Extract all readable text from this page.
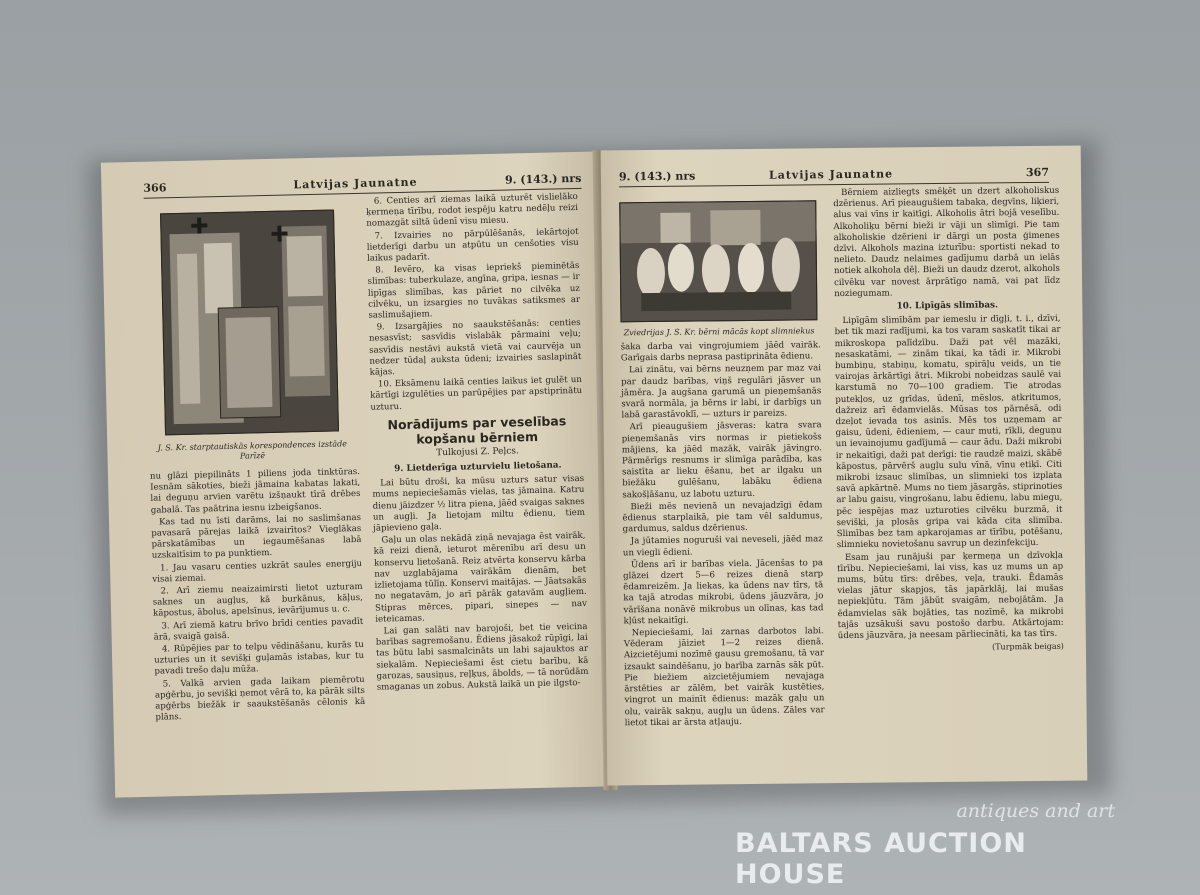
366	Latvijas Jaunatne	9. (143.) nrs
J. S. Kr. starptautiskās korespondences izstāde Parīzē

nu glāzi piepilināts 1 piliens joda tinktūras. Iesnām sākoties, bieži jāmaina kabatas lakati, lai deguņu arvien varētu izšņaukt tīrā drēbes gabalā. Tas paātrina iesnu izbeigšanos.

Kas tad nu īsti darāms, lai no saslimšanas pavasarā pārejas laikā izvairītos? Vieglākas pārskatāmības un iegaumēšanas labā uzskaitīsim to pa punktiem.

1. Jau vasaru centies uzkrāt saules energiju visai ziemai.

2. Arī ziemu neaizaimirsti lietot uzturam saknes un augļus, kā burkānus, kāļus, kāpostus, ābolus, apelsīnus, ievārījumus u. c.

3. Arī ziemā katru brīvo brīdi centies pavadīt ārā, svaigā gaisā.

4. Rūpējies par to telpu vēdināšanu, kurās tu uzturies un it sevišķi guļamās istabas, kur tu pavadi trešo daļu mūža.

5. Valkā arvien gada laikam piemērotu apģērbu, jo sevišķi ņemot vērā to, ka pārāk silts apģērbs biežāk ir saaukstēšanās cēlonis kā plāns.

6. Centies arī ziemas laikā uzturēt vislielāko ķermeņa tīrību, rodot iespēju katru nedēļu reizi nomazgāt siltā ūdenī visu miesu.

7. Izvairies no pārpūlēšanās, iekārtojot lietderīgi darbu un atpūtu un cenšoties visu laikus padarīt.

8. Ievēro, ka visas iepriekš pieminētās slimības: tuberkulaze, angīna, gripa, iesnas — ir lipīgas slimības, kas pāriet no cilvēka uz cilvēku, un izsargies no tuvākas satiksmes ar saslimušajiem.

9. Izsargājies no saaukstēšanās: centies nesasvīst; sasvīdis vislabāk pārmaini veļu; sasvīdis nestāvi aukstā vietā vai caurvēja un nedzer tūdaļ auksta ūdeni; izvairies saslapināt kājas.

10. Eksāmenu laikā centies laikus iet gulēt un kārtīgi izgulēties un parūpējies par apstiprinātu uzturu.

Norādījums par veselības kopšanu bērniem
Tulkojusi Z. Peļcs.
9. Lietderīga uzturvielu lietošana.

Lai būtu droši, ka mūsu uzturs satur visas mums nepieciešamās vielas, tas jāmaina. Katru dienu jāizdzer ½ litra piena, jāēd svaigas saknes un augļi. Ja lietojam miltu ēdienu, tiem jāpievieno gaļa.

Gaļu un olas nekādā ziņā nevajaga ēst vairāk, kā reizi dienā, ieturot mērenību arī desu un konservu lietošanā. Reiz atvērta konservu kārba nav uzglabājama vairākām dienām, bet izlietojama tūlīņ. Konservi maitājas. — Jāatsakās no negatavām, jo arī pārāk gatavām augļiem. Stipras mērces, pipari, sinepes — nav ieteicamas.

Lai gan salāti nav barojoši, bet tie veicina barības sagremošanu. Ēdiens jāsakož rūpīgi, lai tas būtu labi sasmalcināts un labi sajauktos ar siekalām. Nepieciešami ēst cietu barību, kā garozas, sausiņus, reļķus, ābolds, — tā norūdām smaganas un zobus. Aukstā laikā un pie ilgsto-

9. (143.) nrs	Latvijas Jaunatne	367
Zviedrijas J. S. Kr. bērni mācās kopt slimniekus

šaka darba vai vingrojumiem jāēd vairāk. Garīgais darbs neprasa pastiprināta ēdienu.

Lai zinātu, vai bērns neuzņem par maz vai par daudz barības, viņš regulāri jāsver un jāmēra. Ja augšana garumā un pieņemšanās svarā normāla, ja bērns ir labi, ir darbīgs un labā garastāvoklī, — uzturs ir pareizs.

Arī pieaugušiem jāsveras: katra svara pieņemšanās virs normas ir pietiekošs mājiens, ka jāēd mazāk, vairāk jāvingro. Pārmērīgs resnums ir slimīga parādība, kas saistīta ar lieku ēšanu, bet ar ilgaku un biežāku gulēšanu, labāku ēdiena sakošļāšanu, uz labotu uzturu.

Bieži mēs nevienā un nevajadzīgi ēdam ēdienus starplaikā, pie tam vēl saldumus, gardumus, saldus dzērienus.

Ja jūtamies noguruši vai neveseli, jāēd maz un viegli ēdieni.

Ūdens arī ir barības viela. Jācenšas to pa glāzei dzert 5—6 reizes dienā starp ēdamreizēm. Ja liekas, ka ūdens nav tīrs, tā ka tajā atrodas mikrobi, ūdens jāuzvāra, jo vārīšana nonāvē mikrobus un olīnas, kas tad kļūst nekaitīgi.

Nepieciešami, lai zarnas darbotos labi. Vēderam jāiziet 1—2 reizes dienā. Aizcietējumi nozīmē gausu gremošanu, tā var izsaukt saindēšanu, jo barība zarnās sāk pūt. Pie biežiem aizcietējumiem nevajaga ārstēties ar zālēm, bet vairāk kustēties, vingrot un mainīt ēdienus: mazāk gaļu un olu, vairāk sakņu, augļu un ūdens. Zāles var lietot tikai ar ārsta atļauju.

Bērniem aizliegts smēķēt un dzert alkoholiskus dzērienus. Arī pieaugušiem tabaka, degvīns, liķieri, alus vai vīns ir kaitīgi. Alkoholis ātri bojā veselību. Alkoholiķu bērni bieži ir vāji un slimīgi. Pie tam alkoholiskie dzērieni ir dārgi un posta ģimenes dzīvi. Alkohols mazina izturību: sportisti nekad to nelieto. Daudz nelaimes gadījumu darbā un ielās notiek alkohola dēļ. Bieži un daudz dzerot, alkohols cilvēku var novest ārprātīgo namā, vai pat līdz noziegumam.

10. Lipīgās slimības.

Lipīgām slimībām par iemeslu ir dīgļi, t. i., dzīvi, bet tik mazi radījumi, ka tos varam saskatīt tikai ar mikroskopa palīdzību. Daži pat vēl mazāki, nesaskatāmi, — zinām tikai, ka tādi ir. Mikrobi bumbiņu, stabiņu, komatu, spirāļu veids, un tie vairojas ārkārtīgi ātri. Mikrobi nobeidzas saulē vai karstumā no 70—100 gradiem. Tie atrodas putekļos, uz grīdas, ūdenī, mēslos, atkritumos, dažreiz arī ēdamvielās. Mūsas tos pārnēsā, odi dzeļot ievada tos asinīs. Mēs tos uzņemam ar gaisu, ūdeni, ēdieniem, — caur muti, rīkli, deguņu un ievainojumu gadījumā — caur ādu. Daži mikrobi ir nekaitīgi, daži pat derīgi: tie raudzē maizi, skābē kāpostus, pārvērš augļu sulu vīnā, vīnu etiķī. Citi mikrobi izsauc slimības, un slimnieki tos izplata savā apkārtnē. Mums no tiem jāsargās, stiprinoties ar labu gaisu, vingrošanu, labu ēdienu, labu miegu, pēc iespējas maz uzturoties cilvēku burzmā, it sevišķi, ja plosās gripa vai kāda cita slimība. Slimības bez tam apkarojamas ar tīrību, potēšanu, slimnieku novietošanu savrup un dezinfekciju.

Esam jau runājuši par ķermeņa un dzīvokļa tīrību. Nepieciešami, lai viss, kas uz mums un ap mums, būtu tīrs: drēbes, veļa, trauki. Ēdamās vielas jātur skapjos, tās japārklāj, lai mušas nepiekļūtu. Tām jābūt svaigām, nebojātām. Ja ēdamvielas sāk bojāties, tas nozīmē, ka mikrobi tajās uzsākuši savu postošo darbu. Atkārtojam: ūdens jāuzvāra, ja neesam pārliecināti, ka tas tīrs.

(Turpmāk beigas)
antiques and art
BALTARS AUCTION HOUSE
